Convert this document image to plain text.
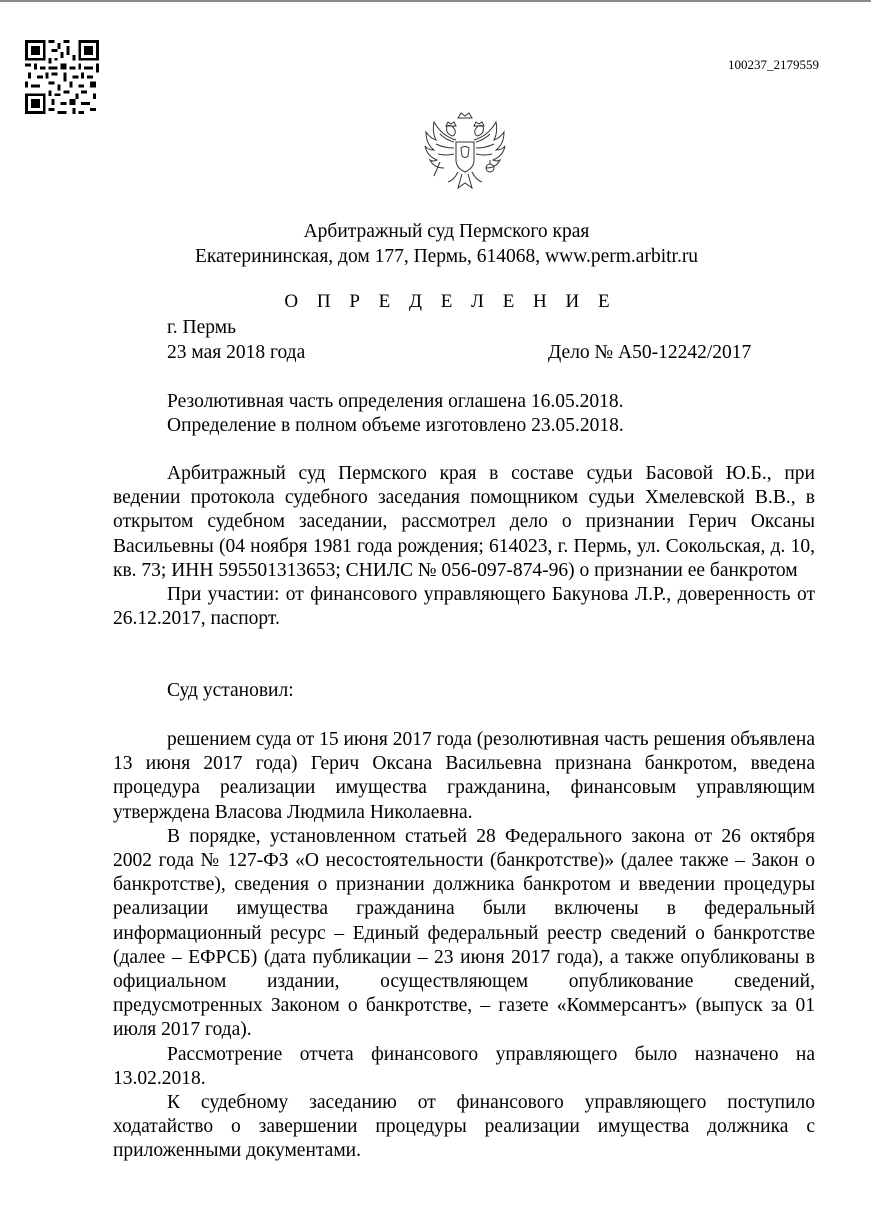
100237_2179559
Арбитражный суд Пермского края
Екатерининская, дом 177, Пермь, 614068, www.perm.arbitr.ru
О П Р Е Д Е Л Е Н И Е
г. Пермь
23 мая 2018 года	Дело № А50-12242/2017
Резолютивная часть определения оглашена 16.05.2018.
Определение в полном объеме изготовлено 23.05.2018.

Арбитражный суд Пермского края в составе судьи Басовой Ю.Б., при ведении протокола судебного заседания помощником судьи Хмелевской В.В., в открытом судебном заседании, рассмотрел дело о признании Герич Оксаны Васильевны (04 ноября 1981 года рождения; 614023, г. Пермь, ул. Сокольская, д. 10, кв. 73; ИНН 595501313653; СНИЛС № 056-097-874-96) о признании ее банкротом

При участии: от финансового управляющего Бакунова Л.Р., доверенность от 26.12.2017, паспорт.

Суд установил:

решением суда от 15 июня 2017 года (резолютивная часть решения объявлена 13 июня 2017 года) Герич Оксана Васильевна признана банкротом, введена процедура реализации имущества гражданина, финансовым управляющим утверждена Власова Людмила Николаевна.

В порядке, установленном статьей 28 Федерального закона от 26 октября 2002 года № 127-ФЗ «О несостоятельности (банкротстве)» (далее также – Закон о банкротстве), сведения о признании должника банкротом и введении процедуры реализации имущества гражданина были включены в федеральный информационный ресурс – Единый федеральный реестр сведений о банкротстве (далее – ЕФРСБ) (дата публикации – 23 июня 2017 года), а также опубликованы в официальном издании, осуществляющем опубликование сведений, предусмотренных Законом о банкротстве, – газете «Коммерсантъ» (выпуск за 01 июля 2017 года).

Рассмотрение отчета финансового управляющего было назначено на 13.02.2018.

К судебному заседанию от финансового управляющего поступило ходатайство о завершении процедуры реализации имущества должника с приложенными документами.
